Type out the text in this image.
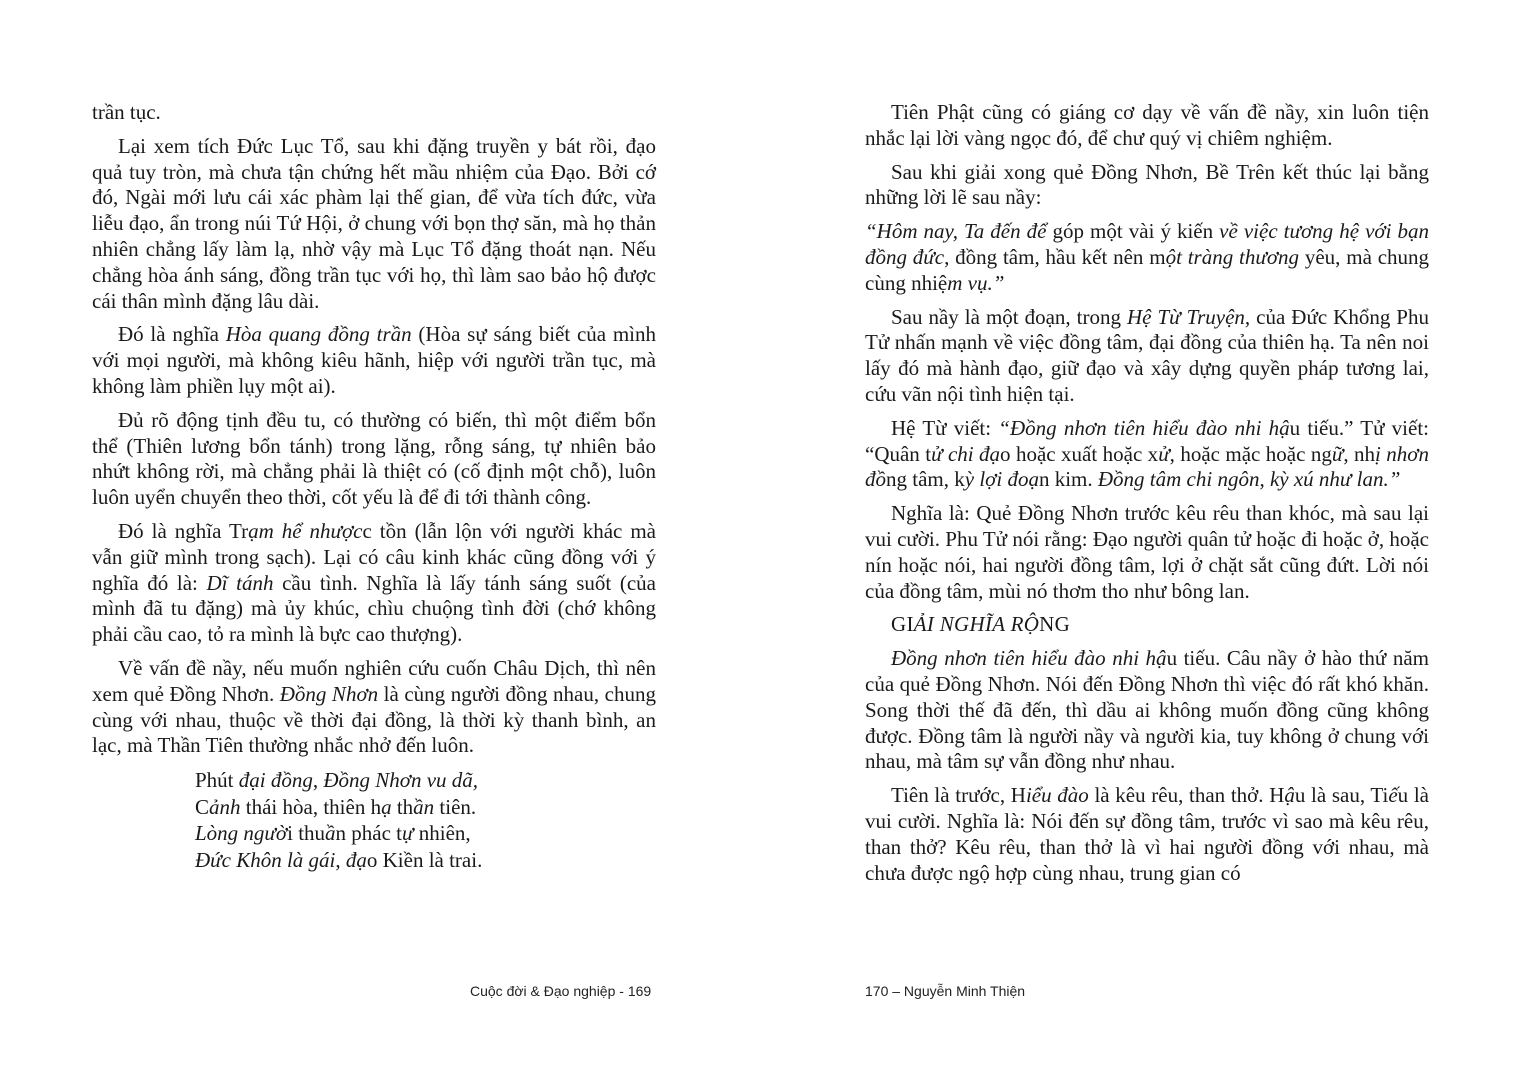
trần tục.

Lại xem tích Đức Lục Tổ, sau khi đặng truyền y bát rồi, đạo quả tuy tròn, mà chưa tận chứng hết mầu nhiệm của Đạo. Bởi cớ đó, Ngài mới lưu cái xác phàm lại thế gian, để vừa tích đức, vừa liễu đạo, ẩn trong núi Tứ Hội, ở chung với bọn thợ săn, mà họ thản nhiên chẳng lấy làm lạ, nhờ vậy mà Lục Tổ đặng thoát nạn. Nếu chẳng hòa ánh sáng, đồng trần tục với họ, thì làm sao bảo hộ được cái thân mình đặng lâu dài.

Đó là nghĩa Hòa quang đồng trần (Hòa sự sáng biết của mình với mọi người, mà không kiêu hãnh, hiệp với người trần tục, mà không làm phiền lụy một ai).

Đủ rõ động tịnh đều tu, có thường có biến, thì một điểm bổn thể (Thiên lương bổn tánh) trong lặng, rỗng sáng, tự nhiên bảo nhứt không rời, mà chẳng phải là thiệt có (cố định một chỗ), luôn luôn uyển chuyển theo thời, cốt yếu là để đi tới thành công.

Đó là nghĩa Trạm hể nhượcc tồn (lẫn lộn với người khác mà vẫn giữ mình trong sạch). Lại có câu kinh khác cũng đồng với ý nghĩa đó là: Dĩ tánh cầu tình. Nghĩa là lấy tánh sáng suốt (của mình đã tu đặng) mà ủy khúc, chìu chuộng tình đời (chớ không phải cầu cao, tỏ ra mình là bực cao thượng).

Về vấn đề nầy, nếu muốn nghiên cứu cuốn Châu Dịch, thì nên xem quẻ Đồng Nhơn. Đồng Nhơn là cùng người đồng nhau, chung cùng với nhau, thuộc về thời đại đồng, là thời kỳ thanh bình, an lạc, mà Thần Tiên thường nhắc nhở đến luôn.

Phút đại đồng, Đồng Nhơn vu dã,
Cảnh thái hòa, thiên hạ thần tiên.
Lòng người thuần phác tự nhiên,
Đức Khôn là gái, đạo Kiền là trai.
Cuộc đời & Đạo nghiệp - 169

Tiên Phật cũng có giáng cơ dạy về vấn đề nầy, xin luôn tiện nhắc lại lời vàng ngọc đó, để chư quý vị chiêm nghiệm.

Sau khi giải xong quẻ Đồng Nhơn, Bề Trên kết thúc lại bằng những lời lẽ sau nầy:

“Hôm nay, Ta đến để góp một vài ý kiến về việc tương hệ với bạn đồng đức, đồng tâm, hầu kết nên một tràng thương yêu, mà chung cùng nhiệm vụ.”

Sau nầy là một đoạn, trong Hệ Từ Truyện, của Đức Khổng Phu Tử nhấn mạnh về việc đồng tâm, đại đồng của thiên hạ. Ta nên noi lấy đó mà hành đạo, giữ đạo và xây dựng quyền pháp tương lai, cứu vãn nội tình hiện tại.

Hệ Từ viết: “Đồng nhơn tiên hiểu đào nhi hậu tiếu.” Tử viết: “Quân tử chi đạo hoặc xuất hoặc xử, hoặc mặc hoặc ngữ, nhị nhơn đồng tâm, kỳ lợi đoạn kim. Đồng tâm chi ngôn, kỳ xú như lan.”

Nghĩa là: Quẻ Đồng Nhơn trước kêu rêu than khóc, mà sau lại vui cười. Phu Tử nói rằng: Đạo người quân tử hoặc đi hoặc ở, hoặc nín hoặc nói, hai người đồng tâm, lợi ở chặt sắt cũng đứt. Lời nói của đồng tâm, mùi nó thơm tho như bông lan.

GIẢI NGHĨA RỘNG

Đồng nhơn tiên hiểu đào nhi hậu tiếu. Câu nầy ở hào thứ năm của quẻ Đồng Nhơn. Nói đến Đồng Nhơn thì việc đó rất khó khăn. Song thời thế đã đến, thì dầu ai không muốn đồng cũng không được. Đồng tâm là người nầy và người kia, tuy không ở chung với nhau, mà tâm sự vẫn đồng như nhau.

Tiên là trước, Hiểu đào là kêu rêu, than thở. Hậu là sau, Tiếu là vui cười. Nghĩa là: Nói đến sự đồng tâm, trước vì sao mà kêu rêu, than thở? Kêu rêu, than thở là vì hai người đồng với nhau, mà chưa được ngộ hợp cùng nhau, trung gian có

170 – Nguyễn Minh Thiện
